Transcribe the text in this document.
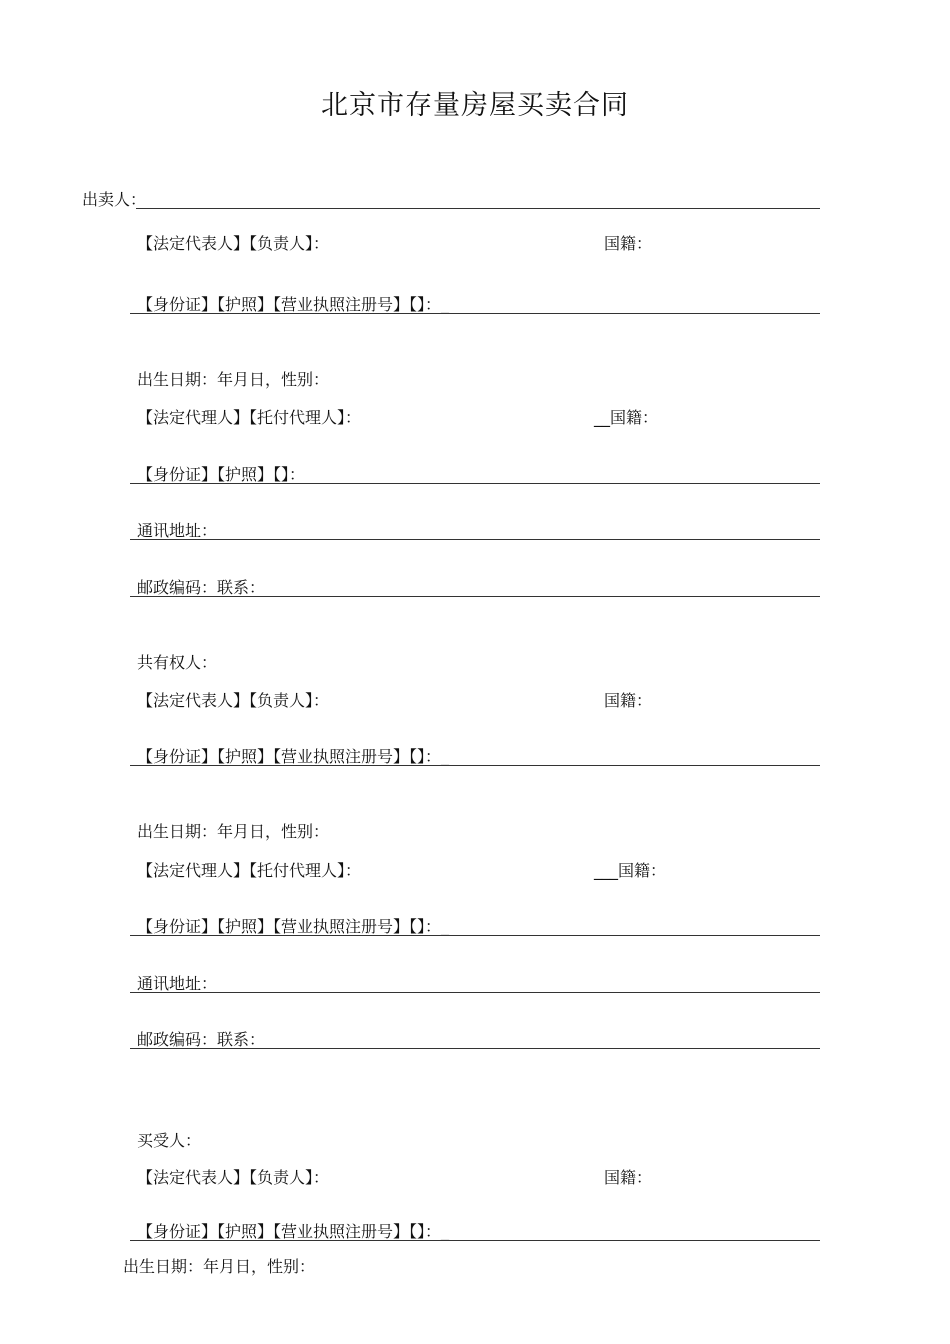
北京市存量房屋买卖合同
出卖人：
【法定代表人】【负责人】：	国籍：
【身份证】【护照】【营业执照注册号】【】：_
出生日期：年月日，性别：
【法定代理人】【托付代理人】：	__国籍：
【身份证】【护照】【】：
通讯地址：
邮政编码：联系：
共有权人：
【法定代表人】【负责人】：	国籍：
【身份证】【护照】【营业执照注册号】【】：_
出生日期：年月日，性别：
【法定代理人】【托付代理人】：	___国籍：
【身份证】【护照】【营业执照注册号】【】：_
通讯地址：
邮政编码：联系：
买受人：
【法定代表人】【负责人】：	国籍：
【身份证】【护照】【营业执照注册号】【】：_
出生日期：年月日，性别：
